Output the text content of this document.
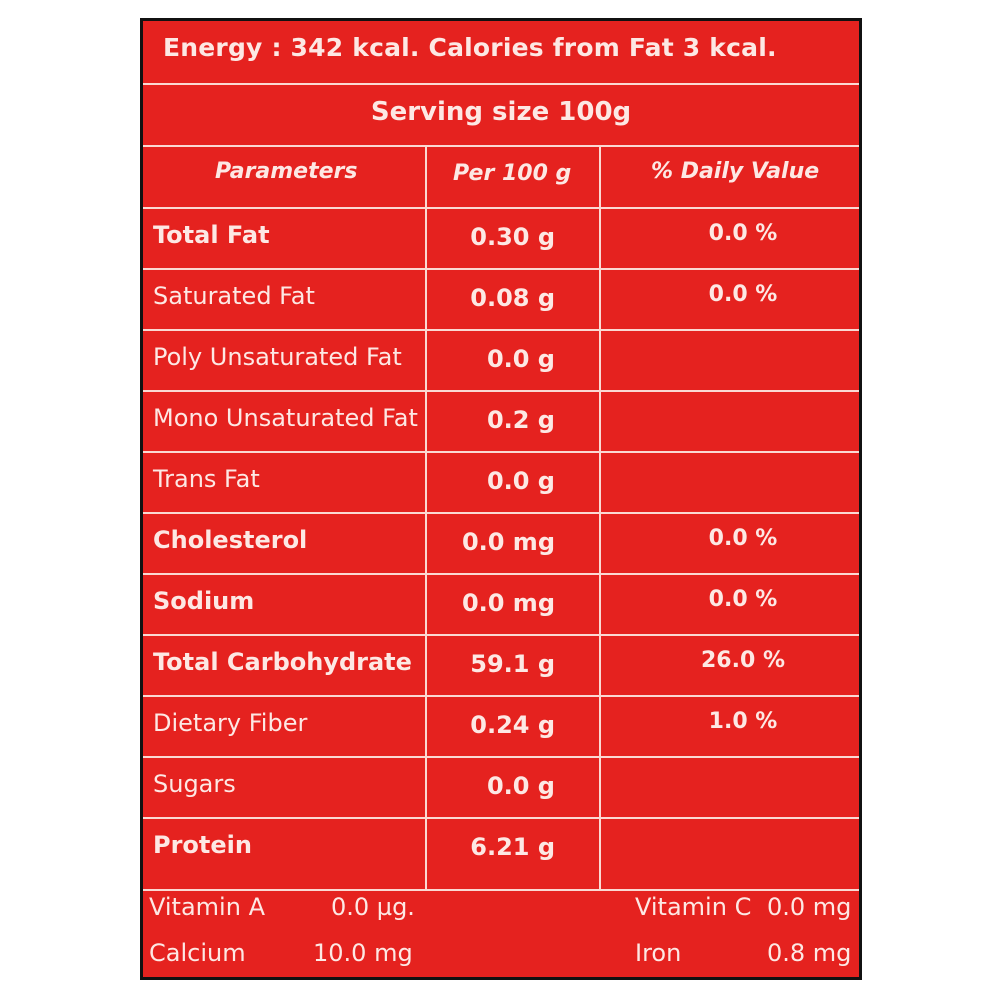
Energy : 342 kcal. Calories from Fat 3 kcal.
Serving size 100g
Parameters	Per 100 g	% Daily Value
Total Fat	0.30 g	0.0 %
Saturated Fat	0.08 g	0.0 %
Poly Unsaturated Fat	0.0 g
Mono Unsaturated Fat	0.2 g
Trans Fat	0.0 g
Cholesterol	0.0 mg	0.0 %
Sodium	0.0 mg	0.0 %
Total Carbohydrate	59.1 g	26.0 %
Dietary Fiber	0.24 g	1.0 %
Sugars	0.0 g
Protein	6.21 g
Vitamin A	0.0 µg.	Vitamin C 0.0 mg
Calcium	10.0 mg	Iron	0.8 mg
